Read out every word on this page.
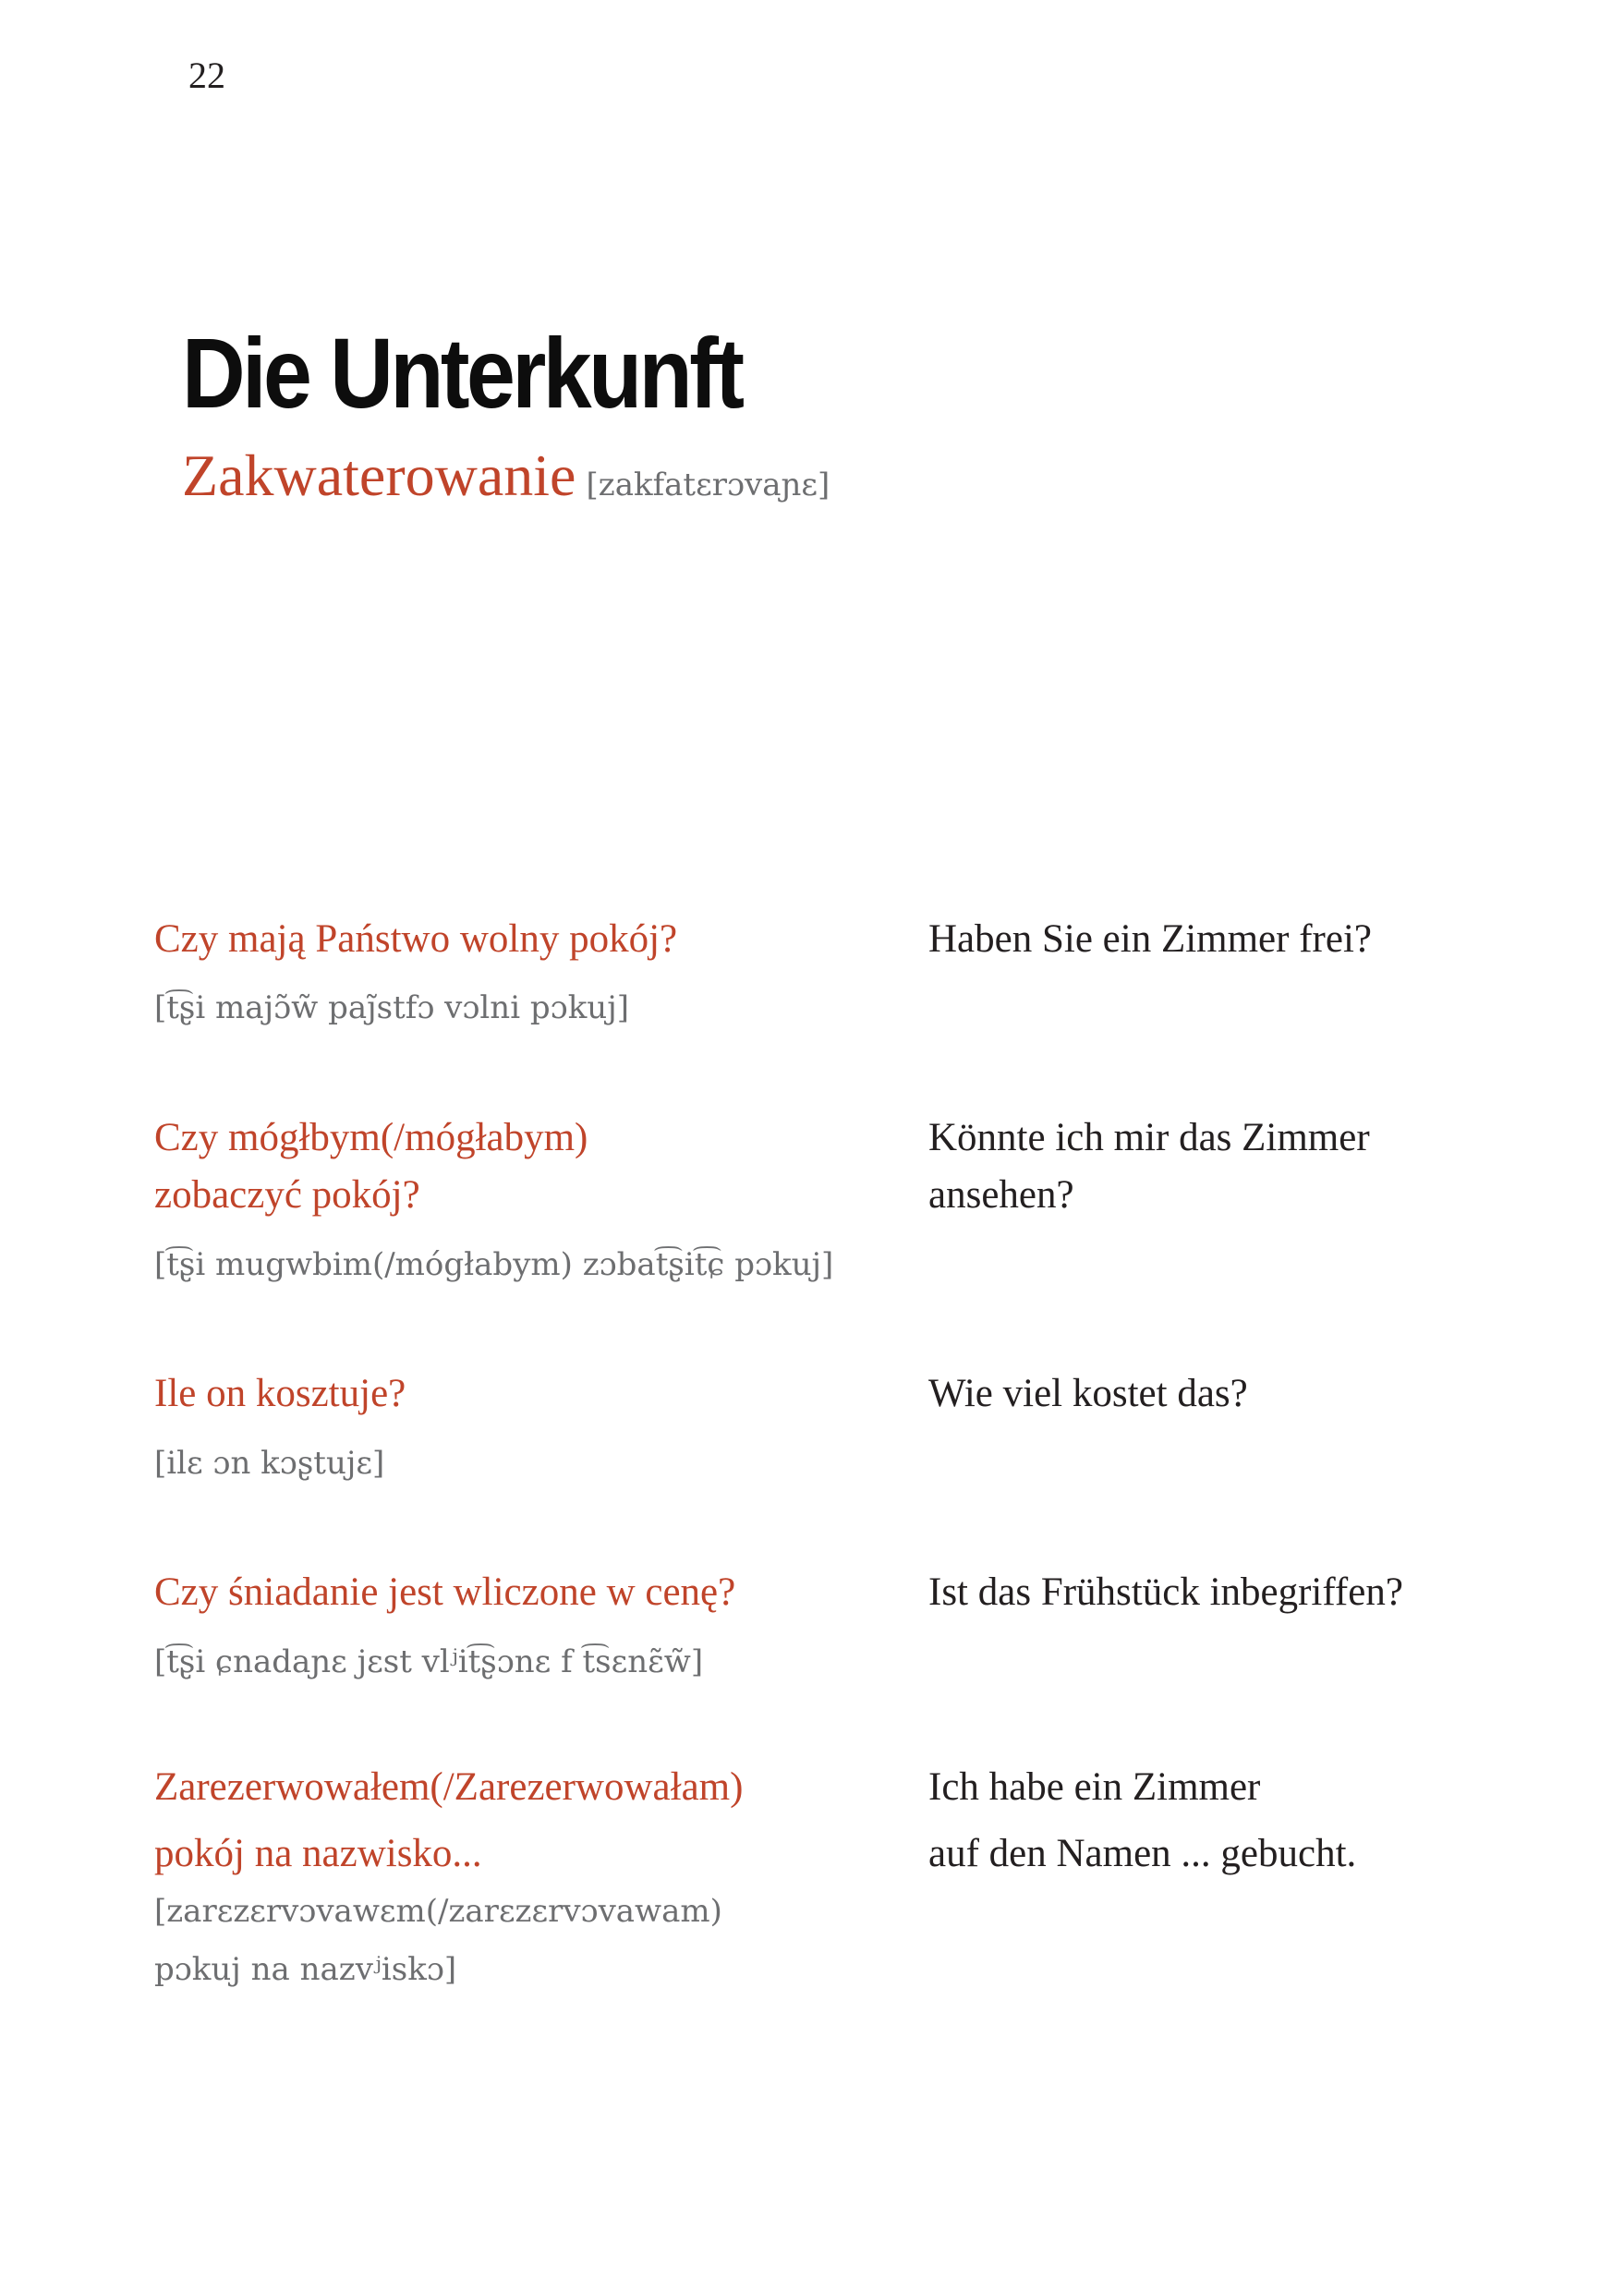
22
Die Unterkunft
Zakwaterowanie [zakfatɛrɔvaɲɛ]
Czy mają Państwo wolny pokój?
[t͡ʂi majɔ̃w̃ paj̃stfɔ vɔlni pɔkuj]
Haben Sie ein Zimmer frei?
Czy mógłbym(/mógłabym)
zobaczyć pokój?
[t͡ʂi mugwbim(/mógłabym) zɔbat͡ʂit͡ɕ pɔkuj]
Könnte ich mir das Zimmer
ansehen?
Ile on kosztuje?
[ilɛ ɔn kɔʂtujɛ]
Wie viel kostet das?
Czy śniadanie jest wliczone w cenę?
[t͡ʂi ɕnadaɲɛ jɛst vlʲit͡ʂɔnɛ f t͡sɛnɛ̃w̃]
Ist das Frühstück inbegriffen?
Zarezerwowałem(/Zarezerwowałam)
pokój na nazwisko...
[zarɛzɛrvɔvawɛm(/zarɛzɛrvɔvawam)
pɔkuj na nazvʲiskɔ]
Ich habe ein Zimmer
auf den Namen ... gebucht.
